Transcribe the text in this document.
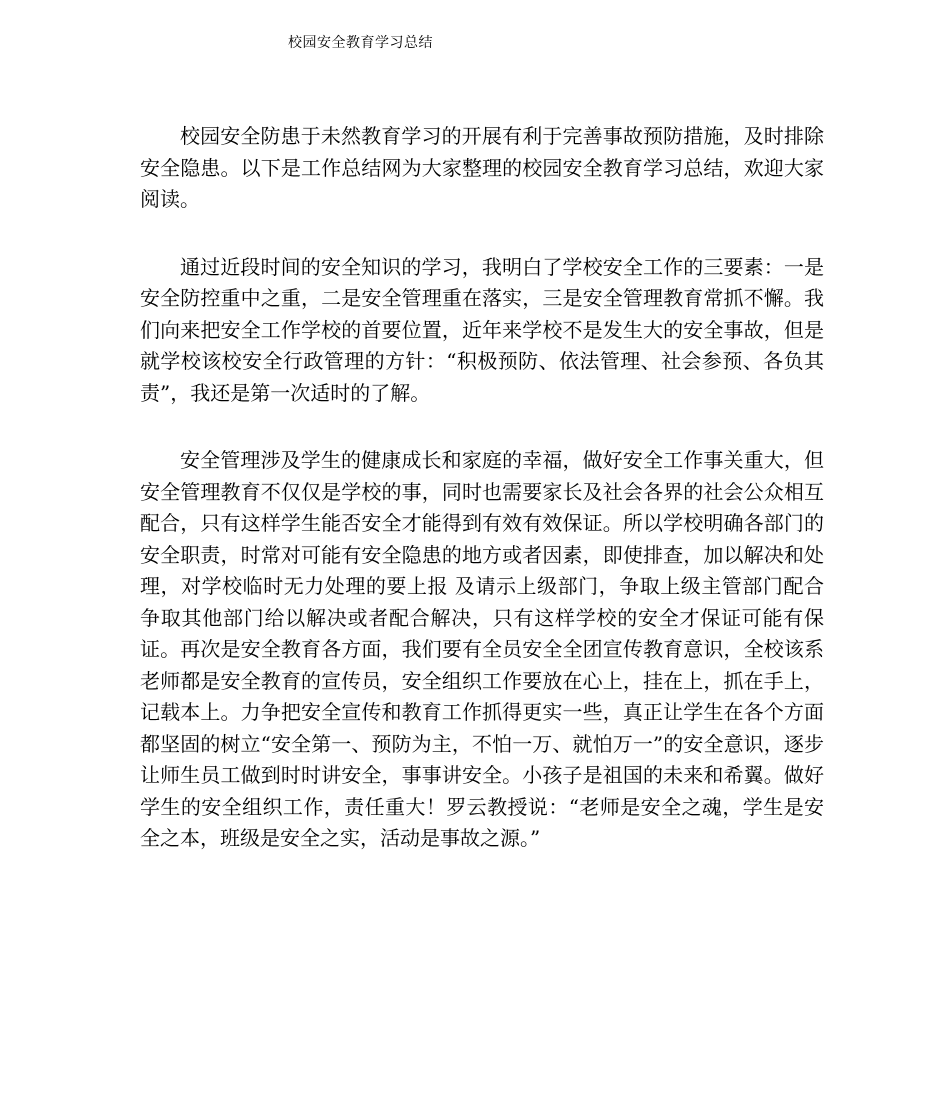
校园安全教育学习总结

校园安全防患于未然教育学习的开展有利于完善事故预防措施，及时排除安全隐患。以下是工作总结网为大家整理的校园安全教育学习总结，欢迎大家阅读。

通过近段时间的安全知识的学习，我明白了学校安全工作的三要素：一是安全防控重中之重，二是安全管理重在落实，三是安全管理教育常抓不懈。我们向来把安全工作学校的首要位置，近年来学校不是发生大的安全事故，但是就学校该校安全行政管理的方针：“积极预防、依法管理、社会参预、各负其责”，我还是第一次适时的了解。

安全管理涉及学生的健康成长和家庭的幸福，做好安全工作事关重大，但安全管理教育不仅仅是学校的事，同时也需要家长及社会各界的社会公众相互配合，只有这样学生能否安全才能得到有效有效保证。所以学校明确各部门的安全职责，时常对可能有安全隐患的地方或者因素，即使排查，加以解决和处理，对学校临时无力处理的要上报 及请示上级部门，争取上级主管部门配合争取其他部门给以解决或者配合解决，只有这样学校的安全才保证可能有保证。再次是安全教育各方面，我们要有全员安全全团宣传教育意识，全校该系老师都是安全教育的宣传员，安全组织工作要放在心上，挂在上，抓在手上，记载本上。力争把安全宣传和教育工作抓得更实一些，真正让学生在各个方面都坚固的树立“安全第一、预防为主，不怕一万、就怕万一”的安全意识，逐步让师生员工做到时时讲安全，事事讲安全。小孩子是祖国的未来和希翼。做好学生的安全组织工作，责任重大！罗云教授说：“老师是安全之魂，学生是安全之本，班级是安全之实，活动是事故之源。”
